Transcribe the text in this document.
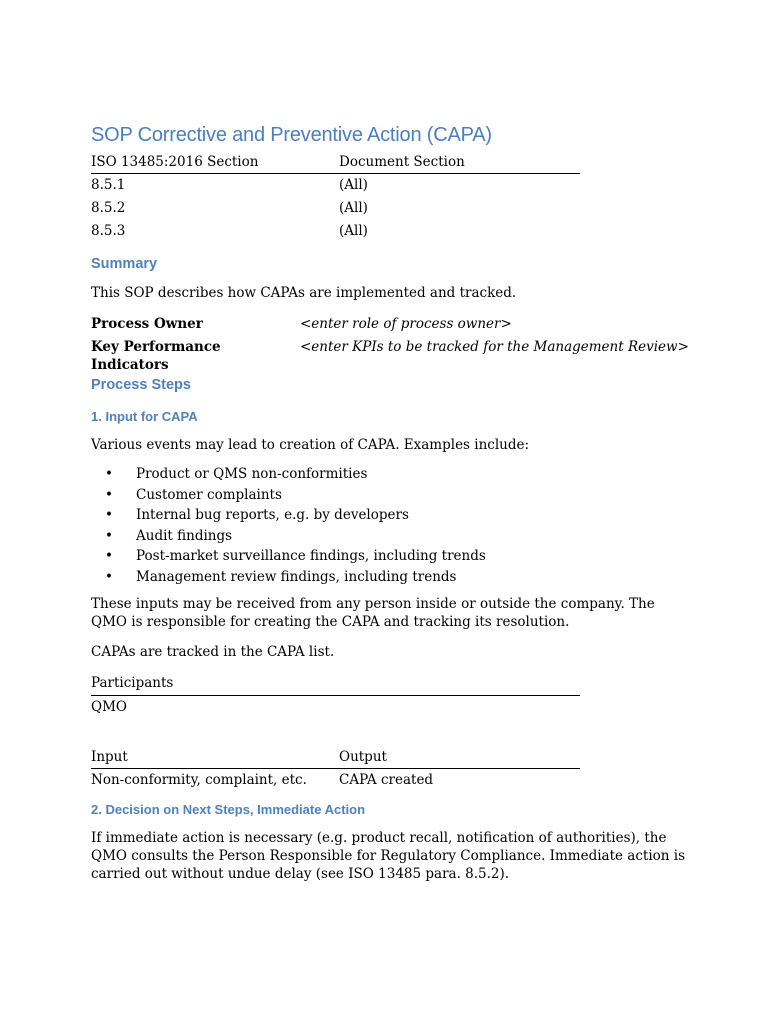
SOP Corrective and Preventive Action (CAPA)
ISO 13485:2016 Section	Document Section
8.5.1	(All)
8.5.2	(All)
8.5.3	(All)
Summary

This SOP describes how CAPAs are implemented and tracked.

Process Owner	<enter role of process owner>
Key Performance Indicators	<enter KPIs to be tracked for the Management Review>
Process Steps
1. Input for CAPA

Various events may lead to creation of CAPA. Examples include:

• Product or QMS non-conformities
• Customer complaints
• Internal bug reports, e.g. by developers
• Audit findings
• Post-market surveillance findings, including trends
• Management review findings, including trends

These inputs may be received from any person inside or outside the company. The QMO is responsible for creating the CAPA and tracking its resolution.

CAPAs are tracked in the CAPA list.

Participants
QMO
Input	Output
Non-conformity, complaint, etc.	CAPA created
2. Decision on Next Steps, Immediate Action

If immediate action is necessary (e.g. product recall, notification of authorities), the QMO consults the Person Responsible for Regulatory Compliance. Immediate action is carried out without undue delay (see ISO 13485 para. 8.5.2).
